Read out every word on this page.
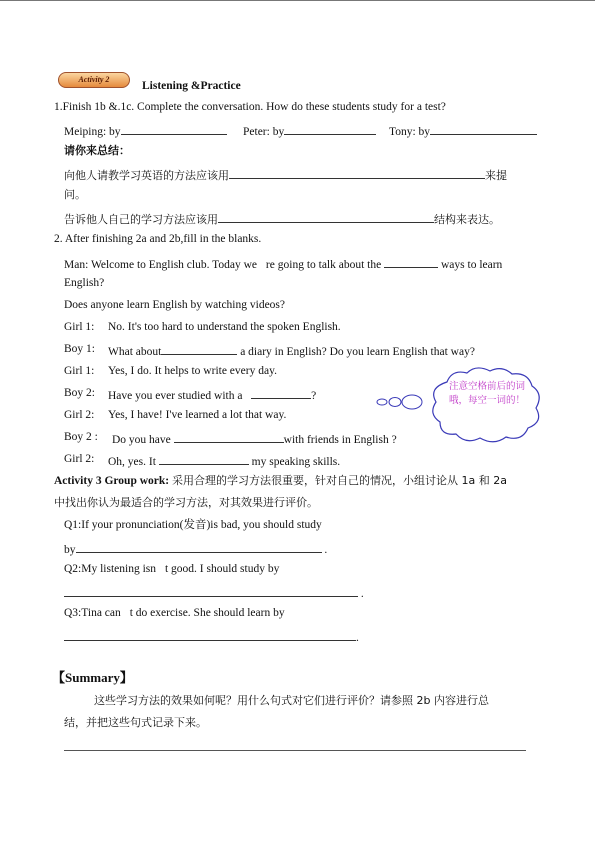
Activity 2
Listening &Practice
1.Finish 1b &.1c. Complete the conversation. How do these students study for a test?
Meiping: by	Peter: by	Tony: by
请你来总结：
向他人请教学习英语的方法应该用	来提
问。
告诉他人自己的学习方法应该用	结构来表达。
2. After finishing 2a and 2b,fill in the blanks.
Man: Welcome to English club. Today we re going to talk about the	ways to learn
English?
Does anyone learn English by watching videos?
Girl 1: No. It's too hard to understand the spoken English.
Boy 1: What about	a diary in English? Do you learn English that way?
Girl 1: Yes, I do. It helps to write every day.
Boy 2: Have you ever studied with a	?
Girl 2: Yes, I have! I've learned a lot that way.
Boy 2 : Do you have	with friends in English ?
Girl 2: Oh, yes. It	my speaking skills.
注意空格前后的词哦，每空一词的！
Activity 3 Group work: 采用合理的学习方法很重要，针对自己的情况，小组讨论从 1a 和 2a
中找出你认为最适合的学习方法，对其效果进行评价。
Q1:If your pronunciation(发音)is bad, you should study
by	.
Q2:My listening isn t good. I should study by
.
Q3:Tina can t do exercise. She should learn by
.
【Summary】
这些学习方法的效果如何呢？用什么句式对它们进行评价？请参照 2b 内容进行总
结，并把这些句式记录下来。
